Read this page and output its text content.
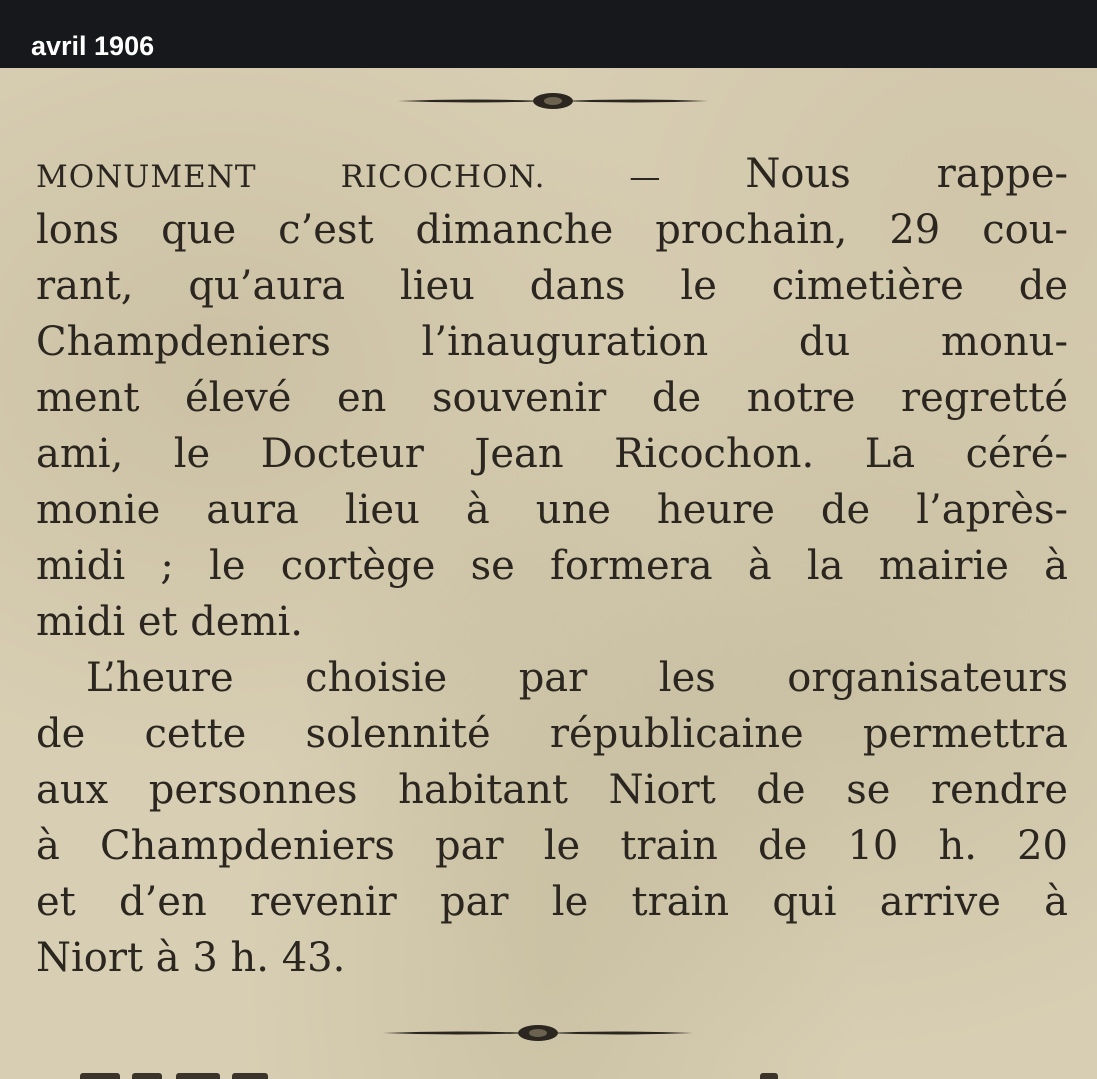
avril 1906
MONUMENT RICOCHON. — Nous rappe-
lons que c’est dimanche prochain, 29 cou-
rant, qu’aura lieu dans le cimetière de
Champdeniers l’inauguration du monu-
ment élevé en souvenir de notre regretté
ami, le Docteur Jean Ricochon. La céré-
monie aura lieu à une heure de l’après-
midi ; le cortège se formera à la mairie à
midi et demi.
L’heure choisie par les organisateurs
de cette solennité républicaine permettra
aux personnes habitant Niort de se rendre
à Champdeniers par le train de 10 h. 20
et d’en revenir par le train qui arrive à
Niort à 3 h. 43.
